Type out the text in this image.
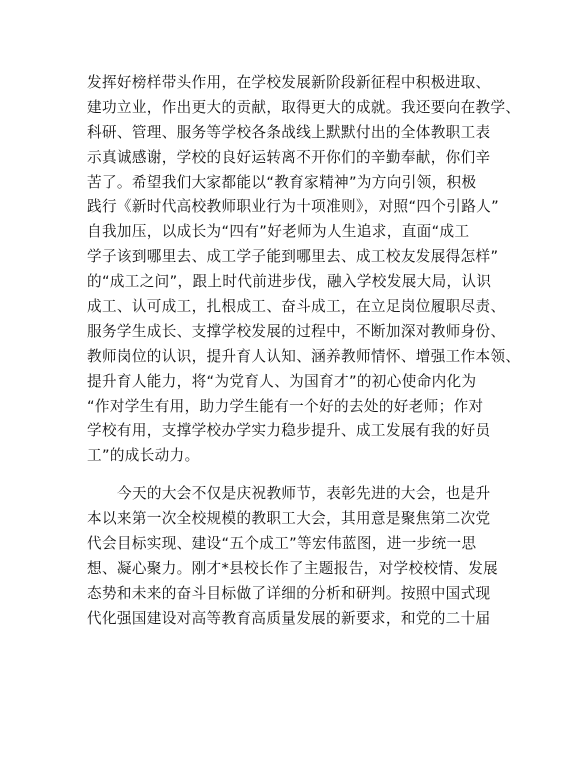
发挥好榜样带头作用，在学校发展新阶段新征程中积极进取、
建功立业，作出更大的贡献，取得更大的成就。我还要向在教学、
科研、管理、服务等学校各条战线上默默付出的全体教职工表
示真诚感谢，学校的良好运转离不开你们的辛勤奉献，你们辛
苦了。希望我们大家都能以“教育家精神”为方向引领，积极
践行《新时代高校教师职业行为十项准则》，对照“四个引路人”
自我加压，以成长为“四有”好老师为人生追求，直面“成工
学子该到哪里去、成工学子能到哪里去、成工校友发展得怎样”
的“成工之问”，跟上时代前进步伐，融入学校发展大局，认识
成工、认可成工，扎根成工、奋斗成工，在立足岗位履职尽责、
服务学生成长、支撑学校发展的过程中，不断加深对教师身份、
教师岗位的认识，提升育人认知、涵养教师情怀、增强工作本领、
提升育人能力，将“为党育人、为国育才”的初心使命内化为
“作对学生有用，助力学生能有一个好的去处的好老师；作对
学校有用，支撑学校办学实力稳步提升、成工发展有我的好员
工”的成长动力。
今天的大会不仅是庆祝教师节，表彰先进的大会，也是升
本以来第一次全校规模的教职工大会，其用意是聚焦第二次党
代会目标实现、建设“五个成工”等宏伟蓝图，进一步统一思
想、凝心聚力。刚才*县校长作了主题报告，对学校校情、发展
态势和未来的奋斗目标做了详细的分析和研判。按照中国式现
代化强国建设对高等教育高质量发展的新要求，和党的二十届
